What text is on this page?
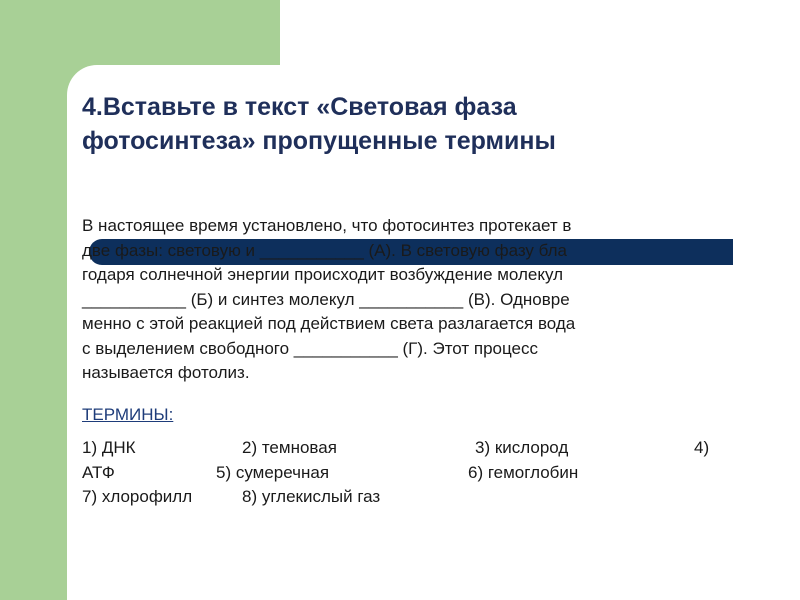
4.Вставьте в текст «Световая фаза
фотосинтеза» пропущенные термины

В настоящее время установлено, что фотосинтез протекает в

две фазы: световую и ___________ (А). В световую фазу бла

годаря солнечной энергии происходит возбуждение молекул

___________ (Б) и синтез молекул ___________ (В). Одновре

менно с этой реакцией под действием света разлагается вода

с выделением свободного ___________ (Г). Этот процесс

называется фотолиз.

ТЕРМИНЫ:
1) ДНК	2) темновая	3) кислород	4)
АТФ	5) сумеречная	6) гемоглобин
7) хлорофилл	8) углекислый газ
